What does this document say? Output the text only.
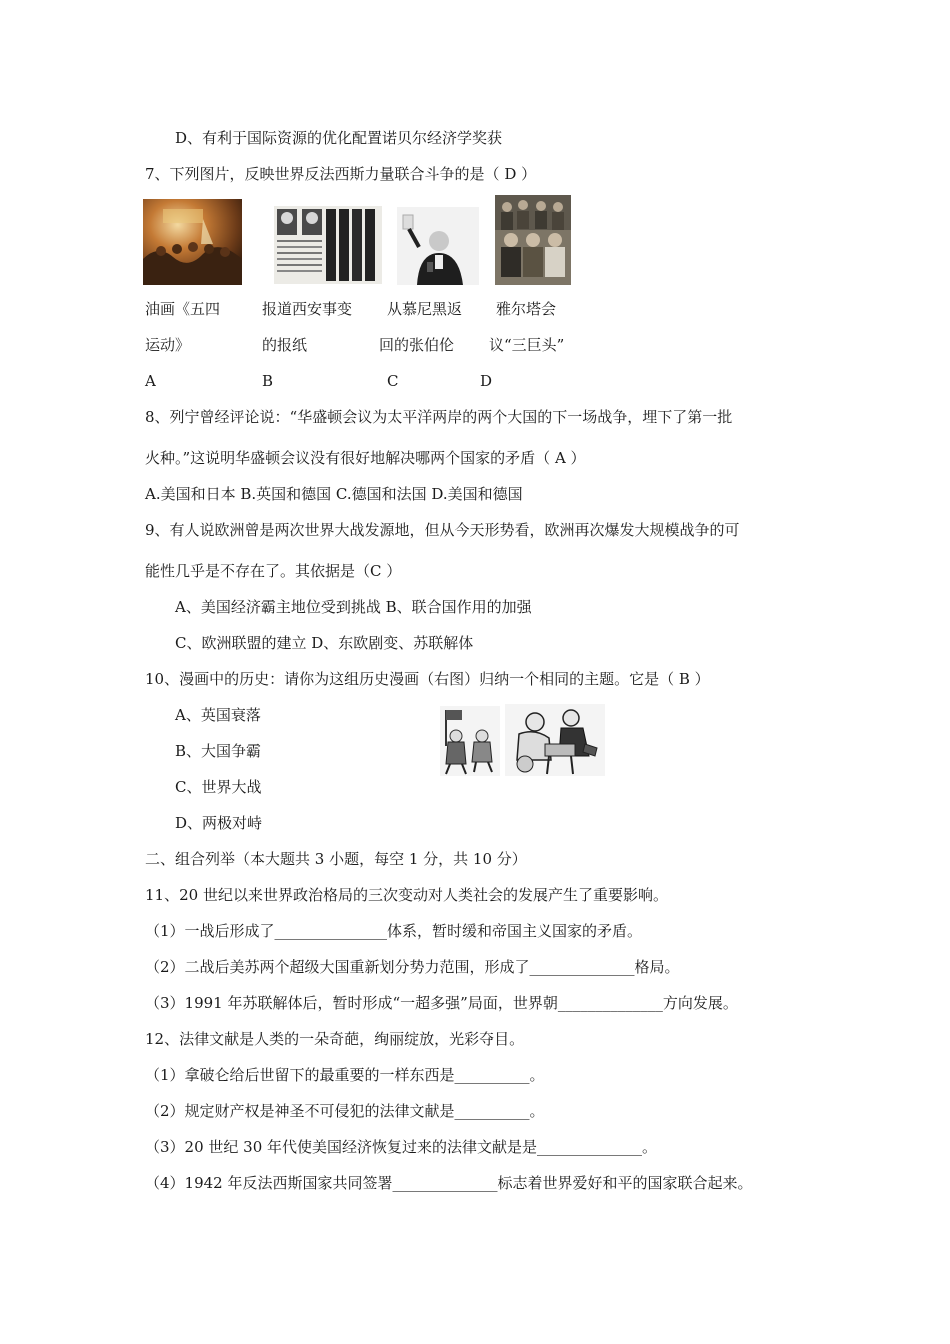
D、有利于国际资源的优化配置诺贝尔经济学奖获
7、下列图片，反映世界反法西斯力量联合斗争的是（ D ）
油画《五四
运动》
A
报道西安事变
的报纸
B
从慕尼黑返
回的张伯伦
C
雅尔塔会
议“三巨头”
D
8、列宁曾经评论说：“华盛顿会议为太平洋两岸的两个大国的下一场战争，埋下了第一批
火种。”这说明华盛顿会议没有很好地解决哪两个国家的矛盾（ A ）
A.美国和日本 B.英国和德国 C.德国和法国 D.美国和德国
9、有人说欧洲曾是两次世界大战发源地，但从今天形势看，欧洲再次爆发大规模战争的可
能性几乎是不存在了。其依据是（C ）
A、美国经济霸主地位受到挑战 B、联合国作用的加强
C、欧洲联盟的建立 D、东欧剧变、苏联解体
10、漫画中的历史：请你为这组历史漫画（右图）归纳一个相同的主题。它是（ B ）
A、英国衰落
B、大国争霸
C、世界大战
D、两极对峙
二、组合列举（本大题共 3 小题，每空 1 分，共 10 分）
11、20 世纪以来世界政治格局的三次变动对人类社会的发展产生了重要影响。
（1）一战后形成了_______________体系，暂时缓和帝国主义国家的矛盾。
（2）二战后美苏两个超级大国重新划分势力范围，形成了______________格局。
（3）1991 年苏联解体后，暂时形成“一超多强”局面，世界朝______________方向发展。
12、法律文献是人类的一朵奇葩，绚丽绽放，光彩夺目。
（1）拿破仑给后世留下的最重要的一样东西是__________。
（2）规定财产权是神圣不可侵犯的法律文献是__________。
（3）20 世纪 30 年代使美国经济恢复过来的法律文献是是______________。
（4）1942 年反法西斯国家共同签署______________标志着世界爱好和平的国家联合起来。
